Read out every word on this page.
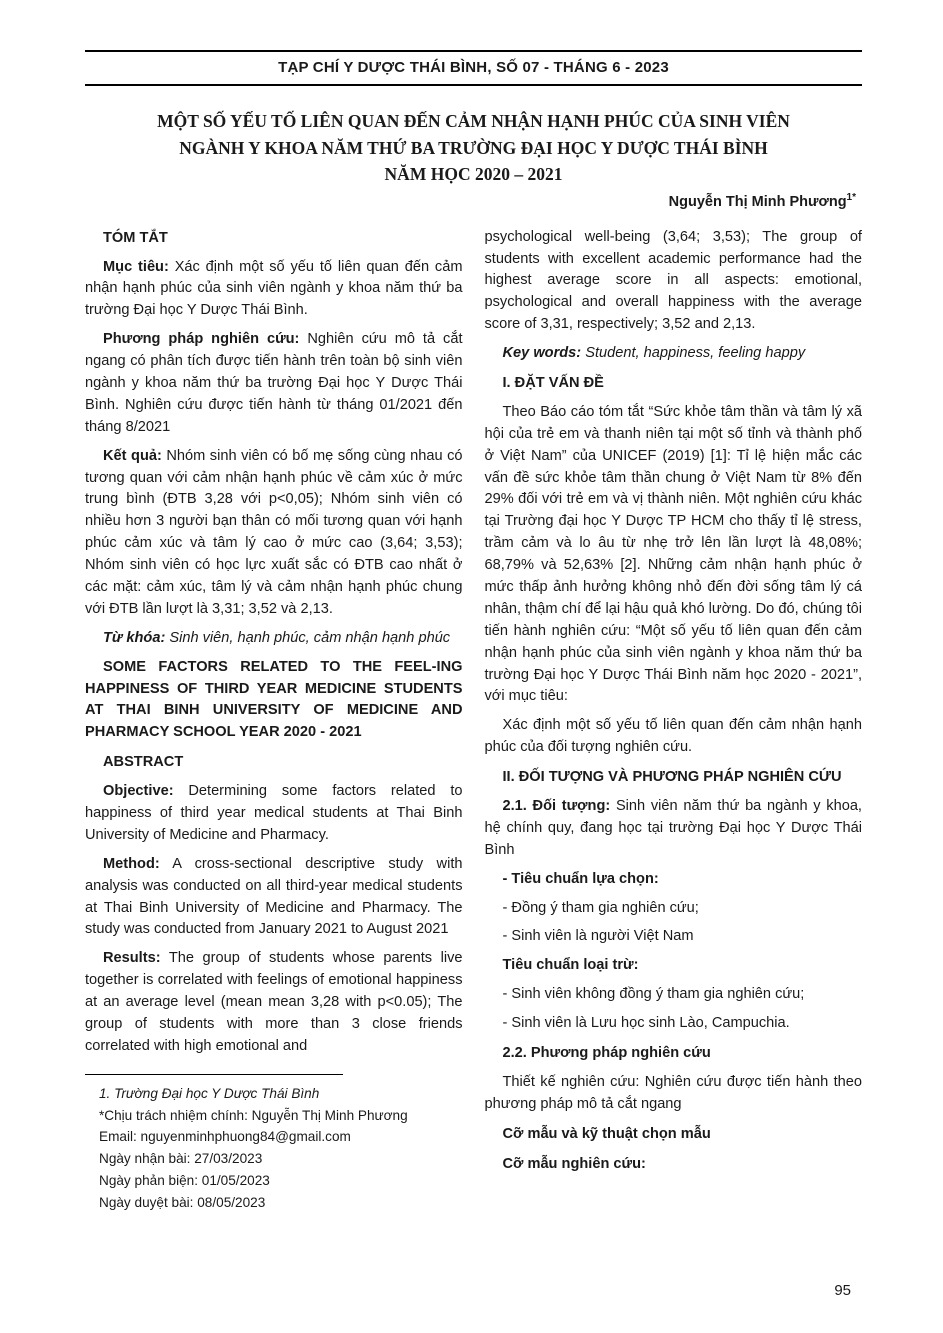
TẠP CHÍ Y DƯỢC THÁI BÌNH, SỐ 07 - THÁNG 6 - 2023
MỘT SỐ YẾU TỐ LIÊN QUAN ĐẾN CẢM NHẬN HẠNH PHÚC CỦA SINH VIÊN
NGÀNH Y KHOA NĂM THỨ BA TRƯỜNG ĐẠI HỌC Y DƯỢC THÁI BÌNH
NĂM HỌC 2020 – 2021
Nguyễn Thị Minh Phương$^{1*}$
TÓM TẮT

Mục tiêu: Xác định một số yếu tố liên quan đến cảm nhận hạnh phúc của sinh viên ngành y khoa năm thứ ba trường Đại học Y Dược Thái Bình.

Phương pháp nghiên cứu: Nghiên cứu mô tả cắt ngang có phân tích được tiến hành trên toàn bộ sinh viên ngành y khoa năm thứ ba trường Đại học Y Dược Thái Bình. Nghiên cứu được tiến hành từ tháng 01/2021 đến tháng 8/2021

Kết quả: Nhóm sinh viên có bố mẹ sống cùng nhau có tương quan với cảm nhận hạnh phúc về cảm xúc ở mức trung bình (ĐTB 3,28 với p<0,05); Nhóm sinh viên có nhiều hơn 3 người bạn thân có mối tương quan với hạnh phúc cảm xúc và tâm lý cao ở mức cao (3,64; 3,53); Nhóm sinh viên có học lực xuất sắc có ĐTB cao nhất ở các mặt: cảm xúc, tâm lý và cảm nhận hạnh phúc chung với ĐTB lần lượt là 3,31; 3,52 và 2,13.

Từ khóa: Sinh viên, hạnh phúc, cảm nhận hạnh phúc

SOME FACTORS RELATED TO THE FEEL-ING HAPPINESS OF THIRD YEAR MEDICINE STUDENTS AT THAI BINH UNIVERSITY OF MEDICINE AND PHARMACY SCHOOL YEAR 2020 - 2021

ABSTRACT

Objective: Determining some factors related to happiness of third year medical students at Thai Binh University of Medicine and Pharmacy.

Method: A cross-sectional descriptive study with analysis was conducted on all third-year medical students at Thai Binh University of Medicine and Pharmacy. The study was conducted from January 2021 to August 2021

Results: The group of students whose parents live together is correlated with feelings of emotional happiness at an average level (mean mean 3,28 with p<0.05); The group of students with more than 3 close friends correlated with high emotional and

1. Trường Đại học Y Dược Thái Bình
*Chịu trách nhiệm chính: Nguyễn Thị Minh Phương
Email: nguyenminhphuong84@gmail.com
Ngày nhận bài: 27/03/2023
Ngày phản biện: 01/05/2023
Ngày duyệt bài: 08/05/2023

psychological well-being (3,64; 3,53); The group of students with excellent academic performance had the highest average score in all aspects: emotional, psychological and overall happiness with the average score of 3,31, respectively; 3,52 and 2,13.

Key words: Student, happiness, feeling happy

I. ĐẶT VẤN ĐỀ

Theo Báo cáo tóm tắt “Sức khỏe tâm thần và tâm lý xã hội của trẻ em và thanh niên tại một số tỉnh và thành phố ở Việt Nam” của UNICEF (2019) [1]: Tỉ lệ hiện mắc các vấn đề sức khỏe tâm thần chung ở Việt Nam từ 8% đến 29% đối với trẻ em và vị thành niên. Một nghiên cứu khác tại Trường đại học Y Dược TP HCM cho thấy tỉ lệ stress, trầm cảm và lo âu từ nhẹ trở lên lần lượt là 48,08%; 68,79% và 52,63% [2]. Những cảm nhận hạnh phúc ở mức thấp ảnh hưởng không nhỏ đến đời sống tâm lý cá nhân, thậm chí để lại hậu quả khó lường. Do đó, chúng tôi tiến hành nghiên cứu: “Một số yếu tố liên quan đến cảm nhận hạnh phúc của sinh viên ngành y khoa năm thứ ba trường Đại học Y Dược Thái Bình năm học 2020 - 2021”, với mục tiêu:

Xác định một số yếu tố liên quan đến cảm nhận hạnh phúc của đối tượng nghiên cứu.

II. ĐỐI TƯỢNG VÀ PHƯƠNG PHÁP NGHIÊN CỨU

2.1. Đối tượng: Sinh viên năm thứ ba ngành y khoa, hệ chính quy, đang học tại trường Đại học Y Dược Thái Bình

- Tiêu chuẩn lựa chọn:

- Đồng ý tham gia nghiên cứu;

- Sinh viên là người Việt Nam

Tiêu chuẩn loại trừ:

- Sinh viên không đồng ý tham gia nghiên cứu;

- Sinh viên là Lưu học sinh Lào, Campuchia.

2.2. Phương pháp nghiên cứu

Thiết kế nghiên cứu: Nghiên cứu được tiến hành theo phương pháp mô tả cắt ngang

Cỡ mẫu và kỹ thuật chọn mẫu
Cỡ mẫu nghiên cứu:
95
